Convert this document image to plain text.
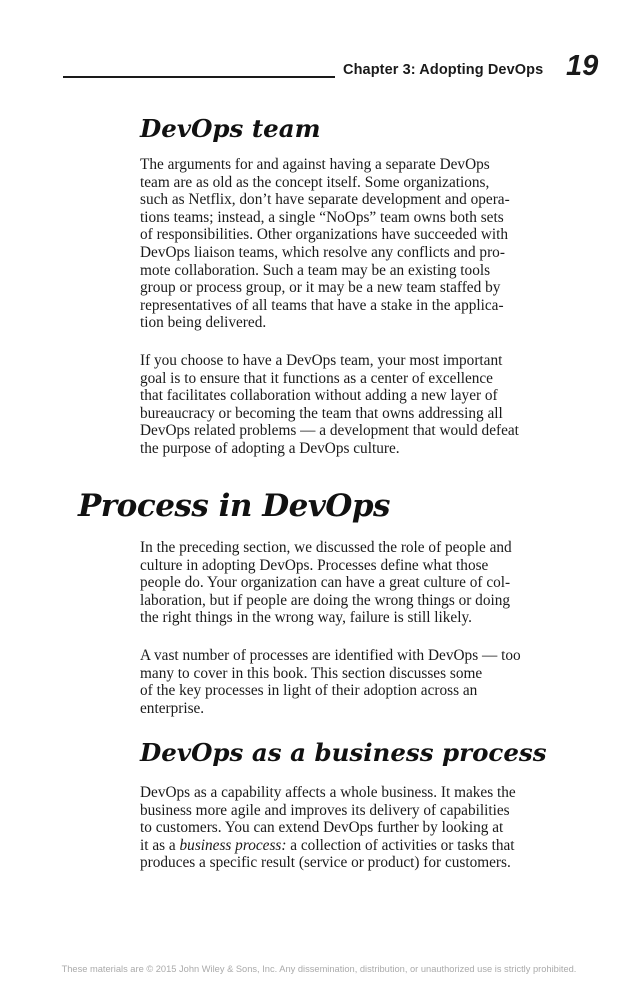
Chapter 3: Adopting DevOps 19
DevOps team
The arguments for and against having a separate DevOps
team are as old as the concept itself. Some organizations,
such as Netflix, don’t have separate development and opera-
tions teams; instead, a single “NoOps” team owns both sets
of responsibilities. Other organizations have succeeded with
DevOps liaison teams, which resolve any conflicts and pro-
mote collaboration. Such a team may be an existing tools
group or process group, or it may be a new team staffed by
representatives of all teams that have a stake in the applica-
tion being delivered.
If you choose to have a DevOps team, your most important
goal is to ensure that it functions as a center of excellence
that facilitates collaboration without adding a new layer of
bureaucracy or becoming the team that owns addressing all
DevOps related problems — a development that would defeat
the purpose of adopting a DevOps culture.
Process in DevOps
In the preceding section, we discussed the role of people and
culture in adopting DevOps. Processes define what those
people do. Your organization can have a great culture of col-
laboration, but if people are doing the wrong things or doing
the right things in the wrong way, failure is still likely.
A vast number of processes are identified with DevOps — too
many to cover in this book. This section discusses some
of the key processes in light of their adoption across an
enterprise.
DevOps as a business process
DevOps as a capability affects a whole business. It makes the
business more agile and improves its delivery of capabilities
to customers. You can extend DevOps further by looking at
it as a business process: a collection of activities or tasks that
produces a specific result (service or product) for customers.
These materials are © 2015 John Wiley & Sons, Inc. Any dissemination, distribution, or unauthorized use is strictly prohibited.
